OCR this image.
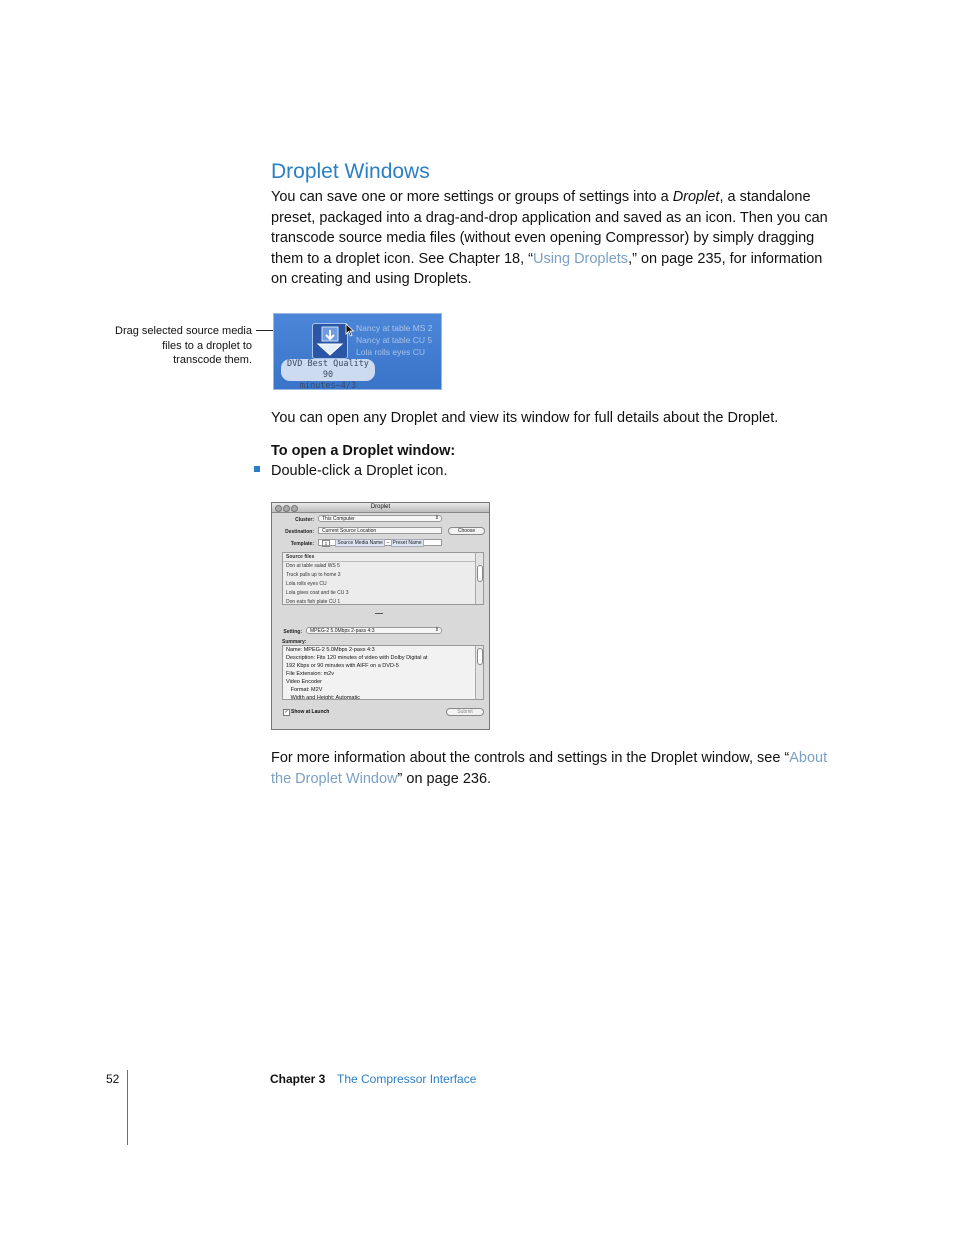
Droplet Windows
You can save one or more settings or groups of settings into a Droplet, a standalone preset, packaged into a drag-and-drop application and saved as an icon. Then you can transcode source media files (without even opening Compressor) by simply dragging them to a droplet icon. See Chapter 18, “Using Droplets,” on page 235, for information on creating and using Droplets.
Drag selected source media files to a droplet to transcode them.
Nancy at table MS 2
Nancy at table CU 5
Lola rolls eyes CU
DVD Best Quality 90
minutes–4/3
You can open any Droplet and view its window for full details about the Droplet.
To open a Droplet window:
Double-click a Droplet icon.
Droplet
Cluster:	This Computer	⇕
Destination:	Current Source Location	Choose
Template:	⇕ Source Media Name – Preset Name
Source files
Don at table salad WS 5
Truck pulls up to home 3
Lola rolls eyes CU
Lola gives coat and tie CU 3
Don eats fish plate CU 1
Setting:	MPEG-2 5.0Mbps 2-pass 4:3	⇕
Summary:
Name: MPEG-2 5.0Mbps 2-pass 4:3
Description: Fits 120 minutes of video with Dolby Digital at
192 Kbps or 90 minutes with AIFF on a DVD-5
File Extension: m2v
Video Encoder
Format: M2V
Width and Height: Automatic
✓ Show at Launch	Submit
For more information about the controls and settings in the Droplet window, see “About the Droplet Window” on page 236.
52	Chapter 3 The Compressor Interface
